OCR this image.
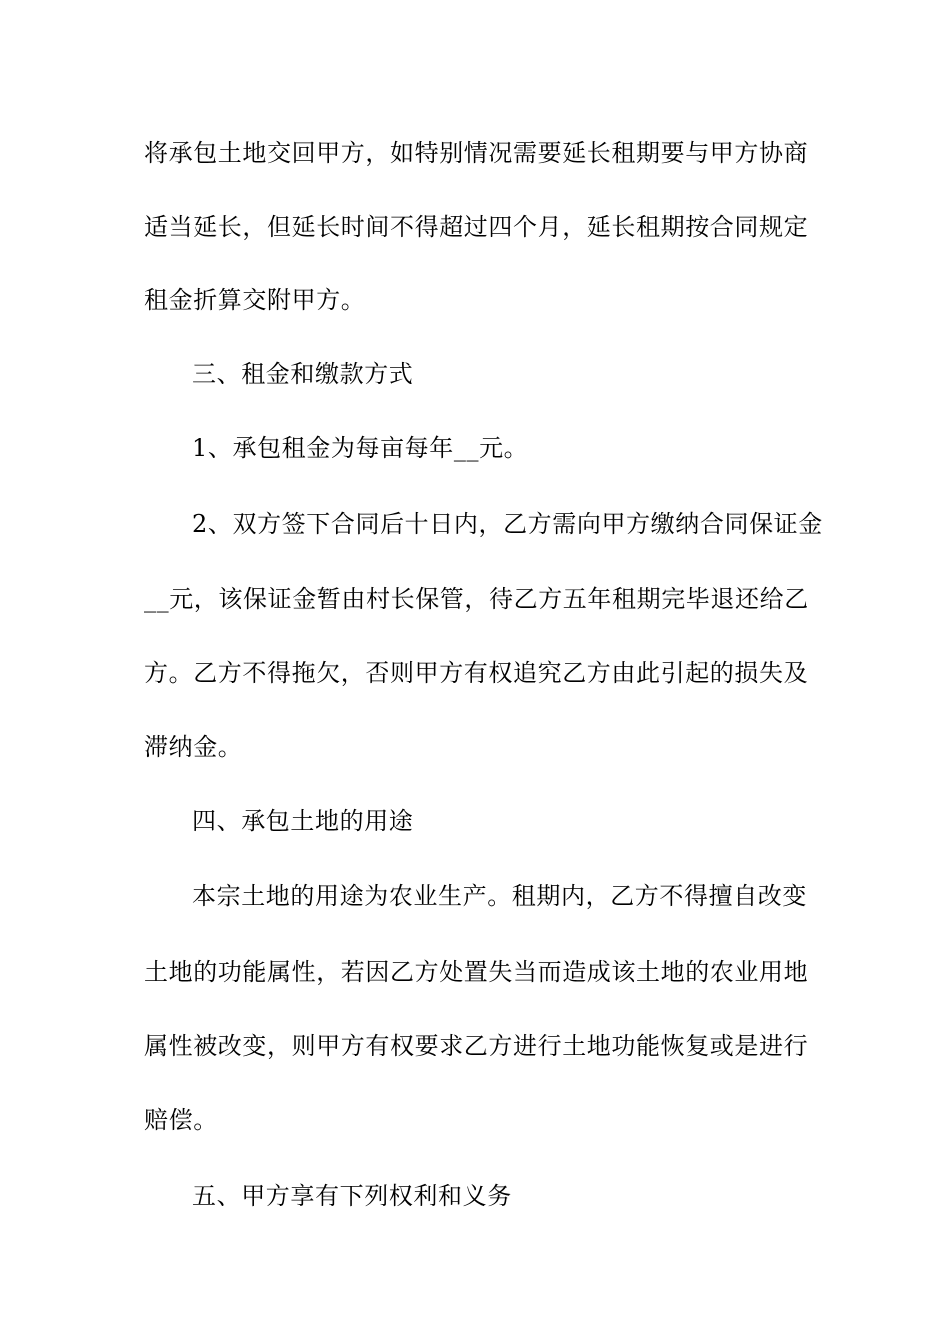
将承包土地交回甲方，如特别情况需要延长租期要与甲方协商
适当延长，但延长时间不得超过四个月，延长租期按合同规定
租金折算交附甲方。
三、租金和缴款方式
1、承包租金为每亩每年__元。
2、双方签下合同后十日内，乙方需向甲方缴纳合同保证金
__元，该保证金暂由村长保管，待乙方五年租期完毕退还给乙
方。乙方不得拖欠，否则甲方有权追究乙方由此引起的损失及
滞纳金。
四、承包土地的用途
本宗土地的用途为农业生产。租期内，乙方不得擅自改变
土地的功能属性，若因乙方处置失当而造成该土地的农业用地
属性被改变，则甲方有权要求乙方进行土地功能恢复或是进行
赔偿。
五、甲方享有下列权利和义务
